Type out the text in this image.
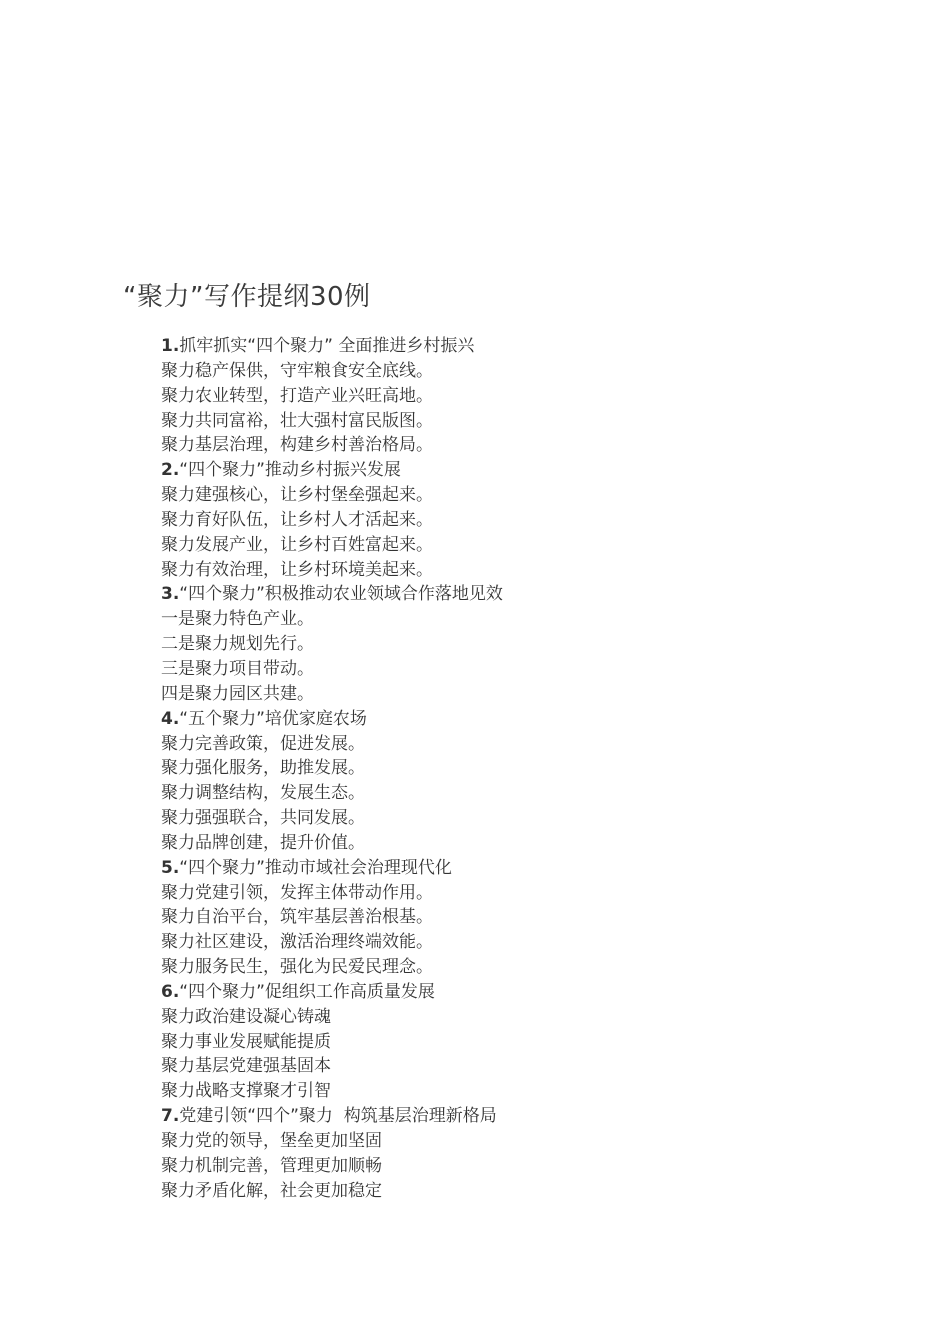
“聚力”写作提纲30例
1.抓牢抓实“四个聚力” 全面推进乡村振兴
聚力稳产保供，守牢粮食安全底线。
聚力农业转型，打造产业兴旺高地。
聚力共同富裕，壮大强村富民版图。
聚力基层治理，构建乡村善治格局。
2.“四个聚力”推动乡村振兴发展
聚力建强核心，让乡村堡垒强起来。
聚力育好队伍，让乡村人才活起来。
聚力发展产业，让乡村百姓富起来。
聚力有效治理，让乡村环境美起来。
3.“四个聚力”积极推动农业领域合作落地见效
一是聚力特色产业。
二是聚力规划先行。
三是聚力项目带动。
四是聚力园区共建。
4.“五个聚力”培优家庭农场
聚力完善政策，促进发展。
聚力强化服务，助推发展。
聚力调整结构，发展生态。
聚力强强联合，共同发展。
聚力品牌创建，提升价值。
5.“四个聚力”推动市域社会治理现代化
聚力党建引领，发挥主体带动作用。
聚力自治平台，筑牢基层善治根基。
聚力社区建设，激活治理终端效能。
聚力服务民生，强化为民爱民理念。
6.“四个聚力”促组织工作高质量发展
聚力政治建设凝心铸魂
聚力事业发展赋能提质
聚力基层党建强基固本
聚力战略支撑聚才引智
7.党建引领“四个”聚力  构筑基层治理新格局
聚力党的领导，堡垒更加坚固
聚力机制完善，管理更加顺畅
聚力矛盾化解，社会更加稳定
